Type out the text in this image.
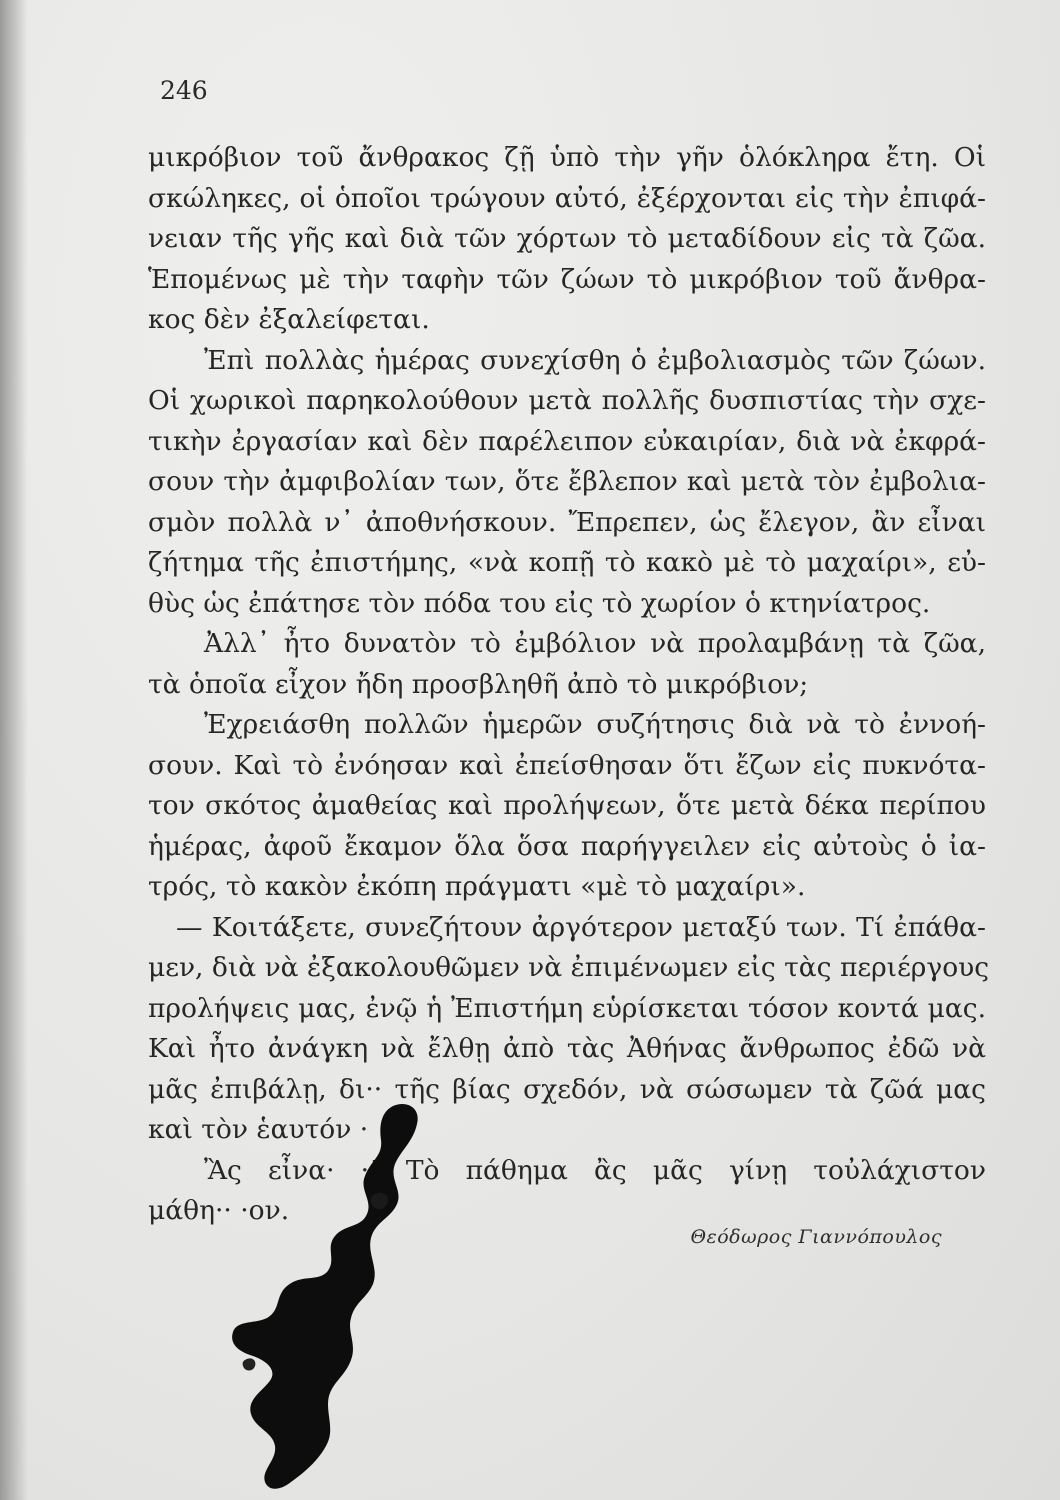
246
μικρόβιον τοῦ ἄνθρακος ζῇ ὑπὸ τὴν γῆν ὁλόκληρα ἔτη. Οἱ
σκώληκες, οἱ ὁποῖοι τρώγουν αὐτό, ἐξέρχονται εἰς τὴν ἐπιφά-
νειαν τῆς γῆς καὶ διὰ τῶν χόρτων τὸ μεταδίδουν εἰς τὰ ζῶα.
Ἑπομένως μὲ τὴν ταφὴν τῶν ζώων τὸ μικρόβιον τοῦ ἄνθρα-
κος δὲν ἐξαλείφεται.
Ἐπὶ πολλὰς ἡμέρας συνεχίσθη ὁ ἐμβολιασμὸς τῶν ζώων.
Οἱ χωρικοὶ παρηκολούθουν μετὰ πολλῆς δυσπιστίας τὴν σχε-
τικὴν ἐργασίαν καὶ δὲν παρέλειπον εὐκαιρίαν, διὰ νὰ ἐκφρά-
σουν τὴν ἀμφιβολίαν των, ὅτε ἔβλεπον καὶ μετὰ τὸν ἐμβολια-
σμὸν πολλὰ ν᾿ ἀποθνήσκουν. Ἔπρεπεν, ὡς ἔλεγον, ἂν εἶναι
ζήτημα τῆς ἐπιστήμης, «νὰ κοπῇ τὸ κακὸ μὲ τὸ μαχαίρι», εὐ-
θὺς ὡς ἐπάτησε τὸν πόδα του εἰς τὸ χωρίον ὁ κτηνίατρος.
Ἀλλ᾿ ἦτο δυνατὸν τὸ ἐμβόλιον νὰ προλαμβάνῃ τὰ ζῶα,
τὰ ὁποῖα εἶχον ἤδη προσβληθῆ ἀπὸ τὸ μικρόβιον;
Ἐχρειάσθη πολλῶν ἡμερῶν συζήτησις διὰ νὰ τὸ ἐννοή-
σουν. Καὶ τὸ ἐνόησαν καὶ ἐπείσθησαν ὅτι ἔζων εἰς πυκνότα-
τον σκότος ἀμαθείας καὶ προλήψεων, ὅτε μετὰ δέκα περίπου
ἡμέρας, ἀφοῦ ἔκαμον ὅλα ὅσα παρήγγειλεν εἰς αὐτοὺς ὁ ἰα-
τρός, τὸ κακὸν ἐκόπη πράγματι «μὲ τὸ μαχαίρι».
— Κοιτάξετε, συνεζήτουν ἀργότερον μεταξύ των. Τί ἐπάθα-
μεν, διὰ νὰ ἐξακολουθῶμεν νὰ ἐπιμένωμεν εἰς τὰς περιέργους
προλήψεις μας, ἐνῷ ἡ Ἐπιστήμη εὑρίσκεται τόσον κοντά μας.
Καὶ ἦτο ἀνάγκη νὰ ἔλθῃ ἀπὸ τὰς Ἀθήνας ἄνθρωπος ἐδῶ νὰ
μᾶς ἐπιβάλῃ, δι·· τῆς βίας σχεδόν, νὰ σώσωμεν τὰ ζῶά μας
καὶ τὸν ἑαυτόν ·
Ἂς εἶνα· ·! Τὸ πάθημα ἂς μᾶς γίνῃ τοὐλάχιστον
μάθη·· ·ον.
Θεόδωρος Γιαννόπουλος
